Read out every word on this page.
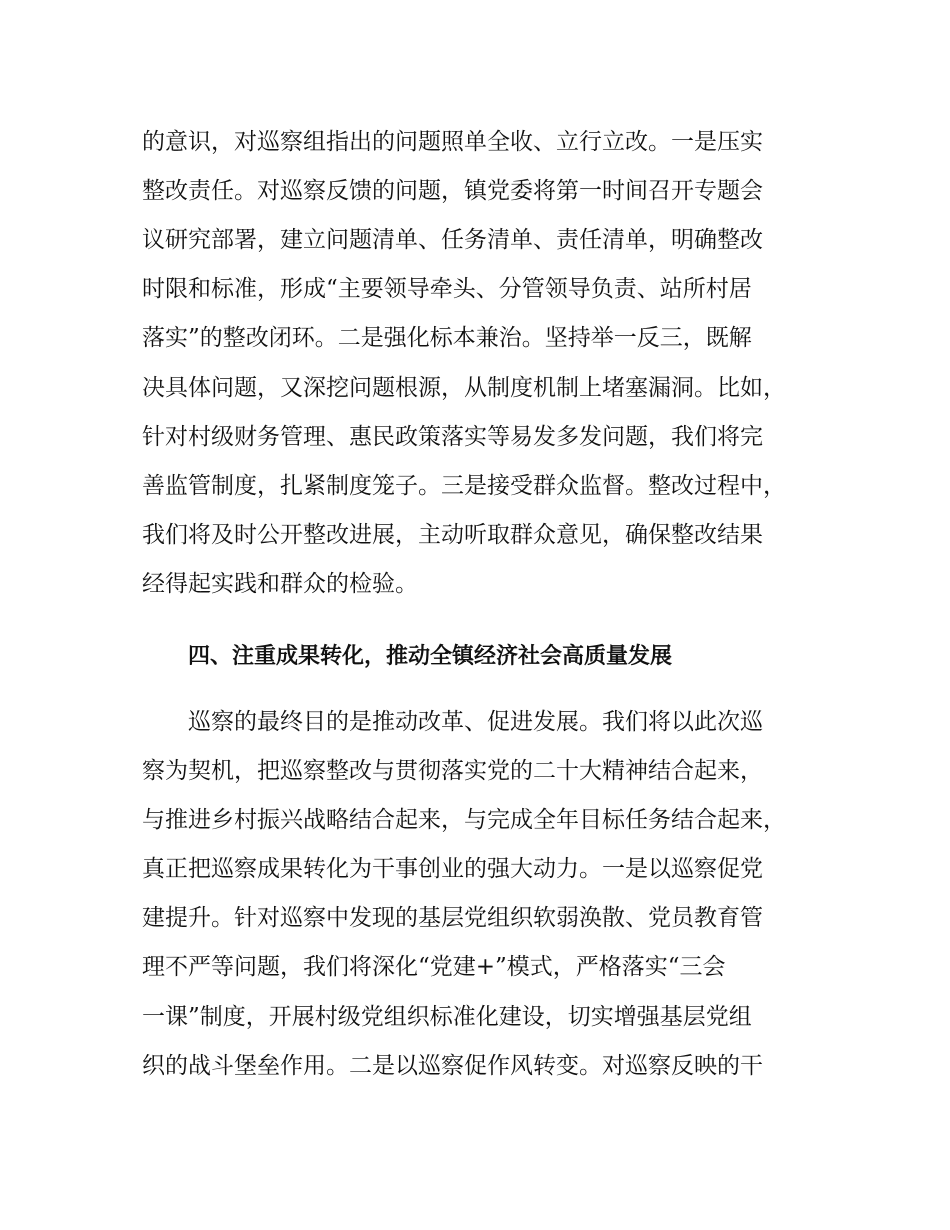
的意识，对巡察组指出的问题照单全收、立行立改。一是压实
整改责任。对巡察反馈的问题，镇党委将第一时间召开专题会
议研究部署，建立问题清单、任务清单、责任清单，明确整改
时限和标准，形成“主要领导牵头、分管领导负责、站所村居
落实”的整改闭环。二是强化标本兼治。坚持举一反三，既解
决具体问题，又深挖问题根源，从制度机制上堵塞漏洞。比如，
针对村级财务管理、惠民政策落实等易发多发问题，我们将完
善监管制度，扎紧制度笼子。三是接受群众监督。整改过程中，
我们将及时公开整改进展，主动听取群众意见，确保整改结果
经得起实践和群众的检验。
四、注重成果转化，推动全镇经济社会高质量发展
巡察的最终目的是推动改革、促进发展。我们将以此次巡
察为契机，把巡察整改与贯彻落实党的二十大精神结合起来，
与推进乡村振兴战略结合起来，与完成全年目标任务结合起来，
真正把巡察成果转化为干事创业的强大动力。一是以巡察促党
建提升。针对巡察中发现的基层党组织软弱涣散、党员教育管
理不严等问题，我们将深化“党建+”模式，严格落实“三会
一课”制度，开展村级党组织标准化建设，切实增强基层党组
织的战斗堡垒作用。二是以巡察促作风转变。对巡察反映的干
